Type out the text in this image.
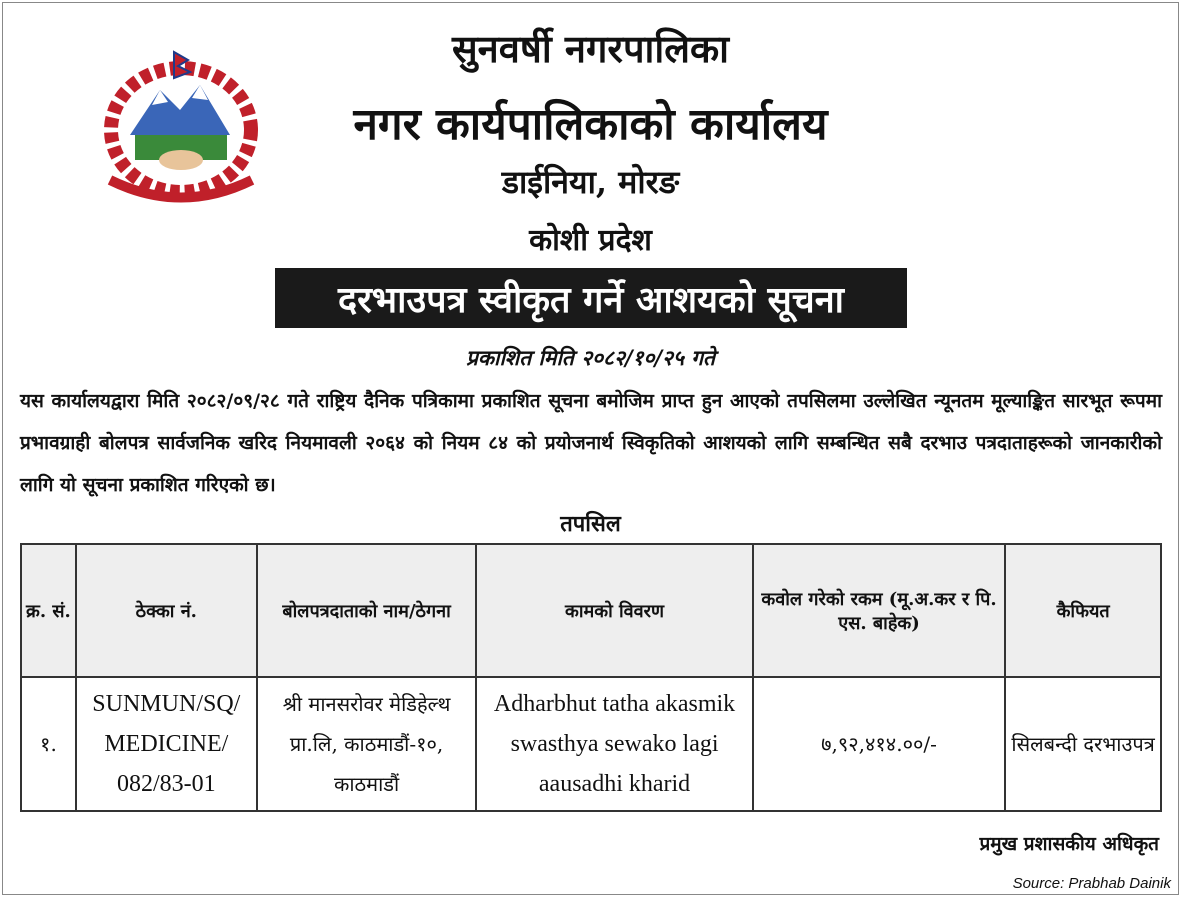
सुनवर्षी नगरपालिका
नगर कार्यपालिकाको कार्यालय
डाईनिया, मोरङ
कोशी प्रदेश
दरभाउपत्र स्वीकृत गर्ने आशयको सूचना
प्रकाशित मिति २०८२/१०/२५ गते
यस कार्यालयद्वारा मिति २०८२/०९/२८ गते राष्ट्रिय दैनिक पत्रिकामा प्रकाशित सूचना बमोजिम प्राप्त हुन आएको तपसिलमा उल्लेखित न्यूनतम मूल्याङ्कित सारभूत रूपमा प्रभावग्राही बोलपत्र सार्वजनिक खरिद नियमावली २०६४ को नियम ८४ को प्रयोजनार्थ स्विकृतिको आशयको लागि सम्बन्धित सबै दरभाउ पत्रदाताहरूको जानकारीको लागि यो सूचना प्रकाशित गरिएको छ।
तपसिल
क्र. सं.	ठेक्का नं.	बोलपत्रदाताको नाम/ठेगना	कामको विवरण	कवोल गरेको रकम (मू.अ.कर र पि. एस. बाहेक)	कैफियत
१.	SUNMUN/SQ/ MEDICINE/ 082/83-01	श्री मानसरोवर मेडिहेल्थ प्रा.लि, काठमाडौं-१०, काठमाडौं	Adharbhut tatha akasmik swasthya sewako lagi aausadhi kharid	७,९२,४१४.००/-	सिलबन्दी दरभाउपत्र
प्रमुख प्रशासकीय अधिकृत
Source: Prabhab Dainik
